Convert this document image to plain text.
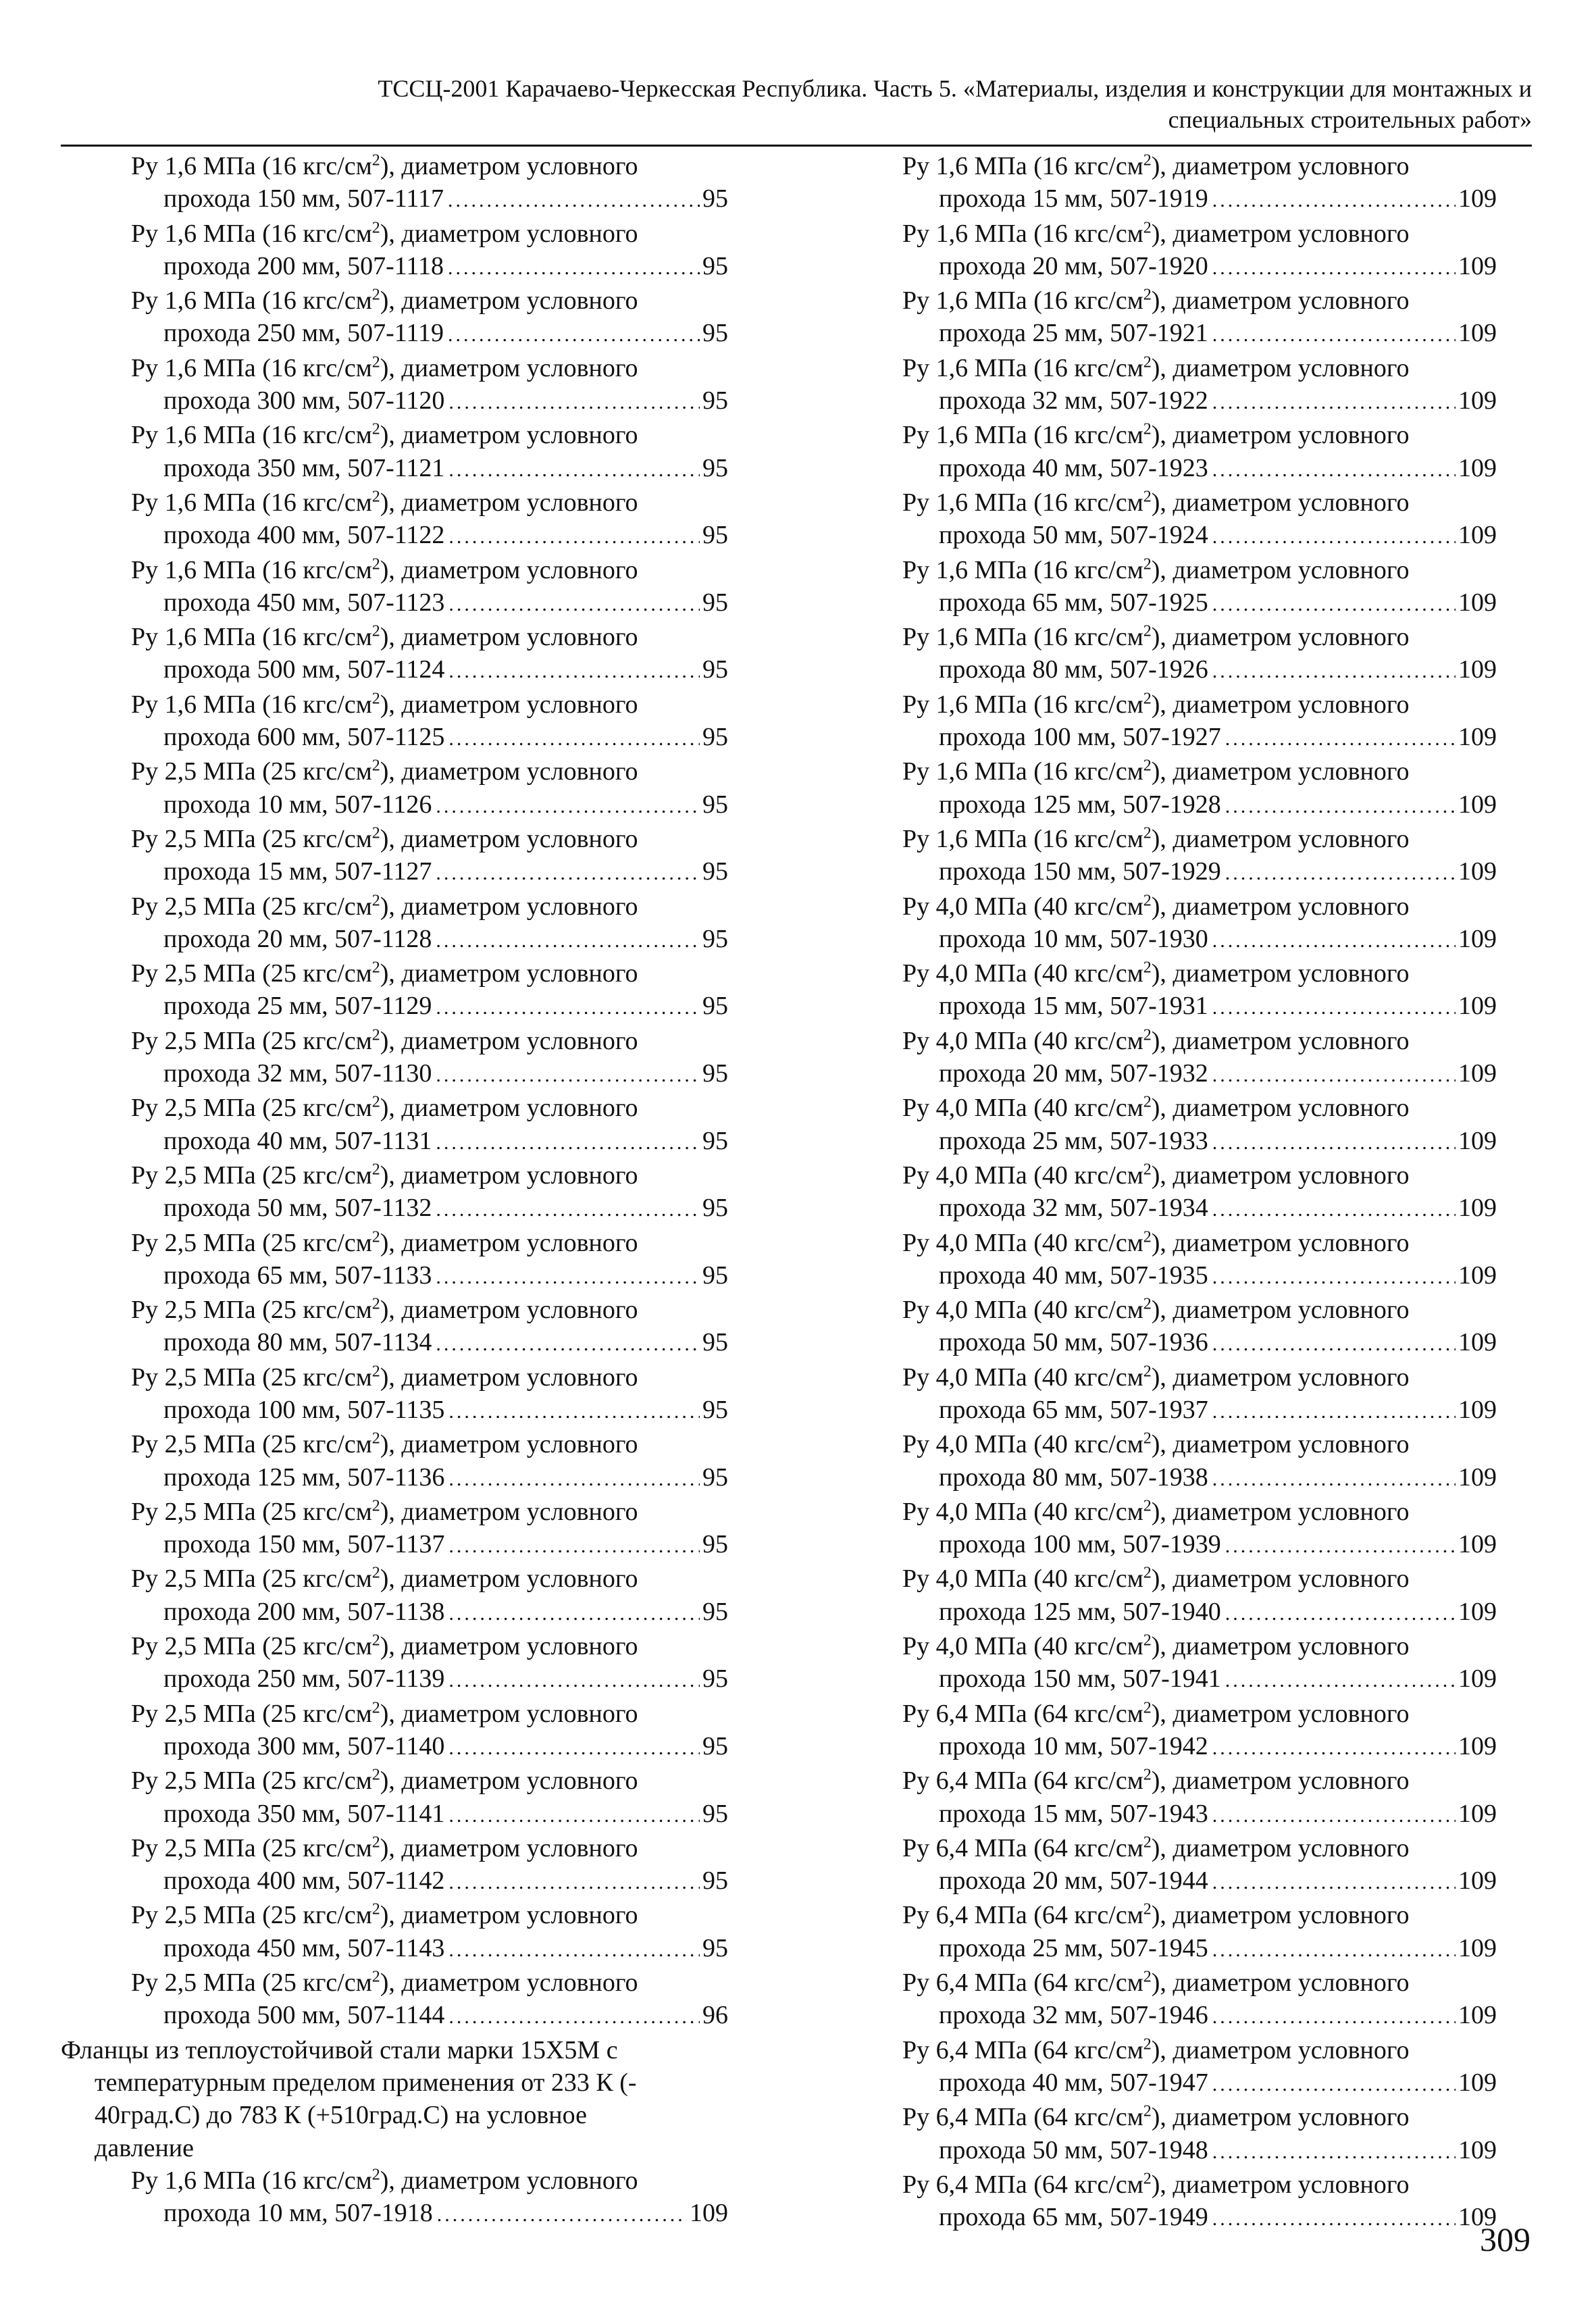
ТССЦ-2001 Карачаево-Черкесская Республика. Часть 5. «Материалы, изделия и конструкции для монтажных и
специальных строительных работ»
Ру 1,6 МПа (16 кгс/$см^2$), диаметром условного
прохода 150 мм, 507-1117 .....	95
Ру 1,6 МПа (16 кгс/$см^2$), диаметром условного
прохода 200 мм, 507-1118 .....	95
Ру 1,6 МПа (16 кгс/$см^2$), диаметром условного
прохода 250 мм, 507-1119 .....	95
Ру 1,6 МПа (16 кгс/$см^2$), диаметром условного
прохода 300 мм, 507-1120 .....	95
Ру 1,6 МПа (16 кгс/$см^2$), диаметром условного
прохода 350 мм, 507-1121 .....	95
Ру 1,6 МПа (16 кгс/$см^2$), диаметром условного
прохода 400 мм, 507-1122 .....	95
Ру 1,6 МПа (16 кгс/$см^2$), диаметром условного
прохода 450 мм, 507-1123 .....	95
Ру 1,6 МПа (16 кгс/$см^2$), диаметром условного
прохода 500 мм, 507-1124 .....	95
Ру 1,6 МПа (16 кгс/$см^2$), диаметром условного
прохода 600 мм, 507-1125 .....	95
Ру 2,5 МПа (25 кгс/$см^2$), диаметром условного
прохода 10 мм, 507-1126 .....	95
Ру 2,5 МПа (25 кгс/$см^2$), диаметром условного
прохода 15 мм, 507-1127 .....	95
Ру 2,5 МПа (25 кгс/$см^2$), диаметром условного
прохода 20 мм, 507-1128 .....	95
Ру 2,5 МПа (25 кгс/$см^2$), диаметром условного
прохода 25 мм, 507-1129 .....	95
Ру 2,5 МПа (25 кгс/$см^2$), диаметром условного
прохода 32 мм, 507-1130 .....	95
Ру 2,5 МПа (25 кгс/$см^2$), диаметром условного
прохода 40 мм, 507-1131 .....	95
Ру 2,5 МПа (25 кгс/$см^2$), диаметром условного
прохода 50 мм, 507-1132 .....	95
Ру 2,5 МПа (25 кгс/$см^2$), диаметром условного
прохода 65 мм, 507-1133 .....	95
Ру 2,5 МПа (25 кгс/$см^2$), диаметром условного
прохода 80 мм, 507-1134 .....	95
Ру 2,5 МПа (25 кгс/$см^2$), диаметром условного
прохода 100 мм, 507-1135 .....	95
Ру 2,5 МПа (25 кгс/$см^2$), диаметром условного
прохода 125 мм, 507-1136 .....	95
Ру 2,5 МПа (25 кгс/$см^2$), диаметром условного
прохода 150 мм, 507-1137 .....	95
Ру 2,5 МПа (25 кгс/$см^2$), диаметром условного
прохода 200 мм, 507-1138 .....	95
Ру 2,5 МПа (25 кгс/$см^2$), диаметром условного
прохода 250 мм, 507-1139 .....	95
Ру 2,5 МПа (25 кгс/$см^2$), диаметром условного
прохода 300 мм, 507-1140 .....	95
Ру 2,5 МПа (25 кгс/$см^2$), диаметром условного
прохода 350 мм, 507-1141 .....	95
Ру 2,5 МПа (25 кгс/$см^2$), диаметром условного
прохода 400 мм, 507-1142 .....	95
Ру 2,5 МПа (25 кгс/$см^2$), диаметром условного
прохода 450 мм, 507-1143 .....	95
Ру 2,5 МПа (25 кгс/$см^2$), диаметром условного
прохода 500 мм, 507-1144 .....	96
Фланцы из теплоустойчивой стали марки 15Х5М с
температурным пределом применения от 233 К (-
40град.С) до 783 К (+510град.С) на условное
давление
Ру 1,6 МПа (16 кгс/$см^2$), диаметром условного
прохода 10 мм, 507-1918 .....	109
Ру 1,6 МПа (16 кгс/$см^2$), диаметром условного
прохода 15 мм, 507-1919 .....	109
Ру 1,6 МПа (16 кгс/$см^2$), диаметром условного
прохода 20 мм, 507-1920 .....	109
Ру 1,6 МПа (16 кгс/$см^2$), диаметром условного
прохода 25 мм, 507-1921 .....	109
Ру 1,6 МПа (16 кгс/$см^2$), диаметром условного
прохода 32 мм, 507-1922 .....	109
Ру 1,6 МПа (16 кгс/$см^2$), диаметром условного
прохода 40 мм, 507-1923 .....	109
Ру 1,6 МПа (16 кгс/$см^2$), диаметром условного
прохода 50 мм, 507-1924 .....	109
Ру 1,6 МПа (16 кгс/$см^2$), диаметром условного
прохода 65 мм, 507-1925 .....	109
Ру 1,6 МПа (16 кгс/$см^2$), диаметром условного
прохода 80 мм, 507-1926 .....	109
Ру 1,6 МПа (16 кгс/$см^2$), диаметром условного
прохода 100 мм, 507-1927 .....	109
Ру 1,6 МПа (16 кгс/$см^2$), диаметром условного
прохода 125 мм, 507-1928 .....	109
Ру 1,6 МПа (16 кгс/$см^2$), диаметром условного
прохода 150 мм, 507-1929 .....	109
Ру 4,0 МПа (40 кгс/$см^2$), диаметром условного
прохода 10 мм, 507-1930 .....	109
Ру 4,0 МПа (40 кгс/$см^2$), диаметром условного
прохода 15 мм, 507-1931 .....	109
Ру 4,0 МПа (40 кгс/$см^2$), диаметром условного
прохода 20 мм, 507-1932 .....	109
Ру 4,0 МПа (40 кгс/$см^2$), диаметром условного
прохода 25 мм, 507-1933 .....	109
Ру 4,0 МПа (40 кгс/$см^2$), диаметром условного
прохода 32 мм, 507-1934 .....	109
Ру 4,0 МПа (40 кгс/$см^2$), диаметром условного
прохода 40 мм, 507-1935 .....	109
Ру 4,0 МПа (40 кгс/$см^2$), диаметром условного
прохода 50 мм, 507-1936 .....	109
Ру 4,0 МПа (40 кгс/$см^2$), диаметром условного
прохода 65 мм, 507-1937 .....	109
Ру 4,0 МПа (40 кгс/$см^2$), диаметром условного
прохода 80 мм, 507-1938 .....	109
Ру 4,0 МПа (40 кгс/$см^2$), диаметром условного
прохода 100 мм, 507-1939 .....	109
Ру 4,0 МПа (40 кгс/$см^2$), диаметром условного
прохода 125 мм, 507-1940 .....	109
Ру 4,0 МПа (40 кгс/$см^2$), диаметром условного
прохода 150 мм, 507-1941 .....	109
Ру 6,4 МПа (64 кгс/$см^2$), диаметром условного
прохода 10 мм, 507-1942 .....	109
Ру 6,4 МПа (64 кгс/$см^2$), диаметром условного
прохода 15 мм, 507-1943 .....	109
Ру 6,4 МПа (64 кгс/$см^2$), диаметром условного
прохода 20 мм, 507-1944 .....	109
Ру 6,4 МПа (64 кгс/$см^2$), диаметром условного
прохода 25 мм, 507-1945 .....	109
Ру 6,4 МПа (64 кгс/$см^2$), диаметром условного
прохода 32 мм, 507-1946 .....	109
Ру 6,4 МПа (64 кгс/$см^2$), диаметром условного
прохода 40 мм, 507-1947 .....	109
Ру 6,4 МПа (64 кгс/$см^2$), диаметром условного
прохода 50 мм, 507-1948 .....	109
Ру 6,4 МПа (64 кгс/$см^2$), диаметром условного
прохода 65 мм, 507-1949 .....	109
309
